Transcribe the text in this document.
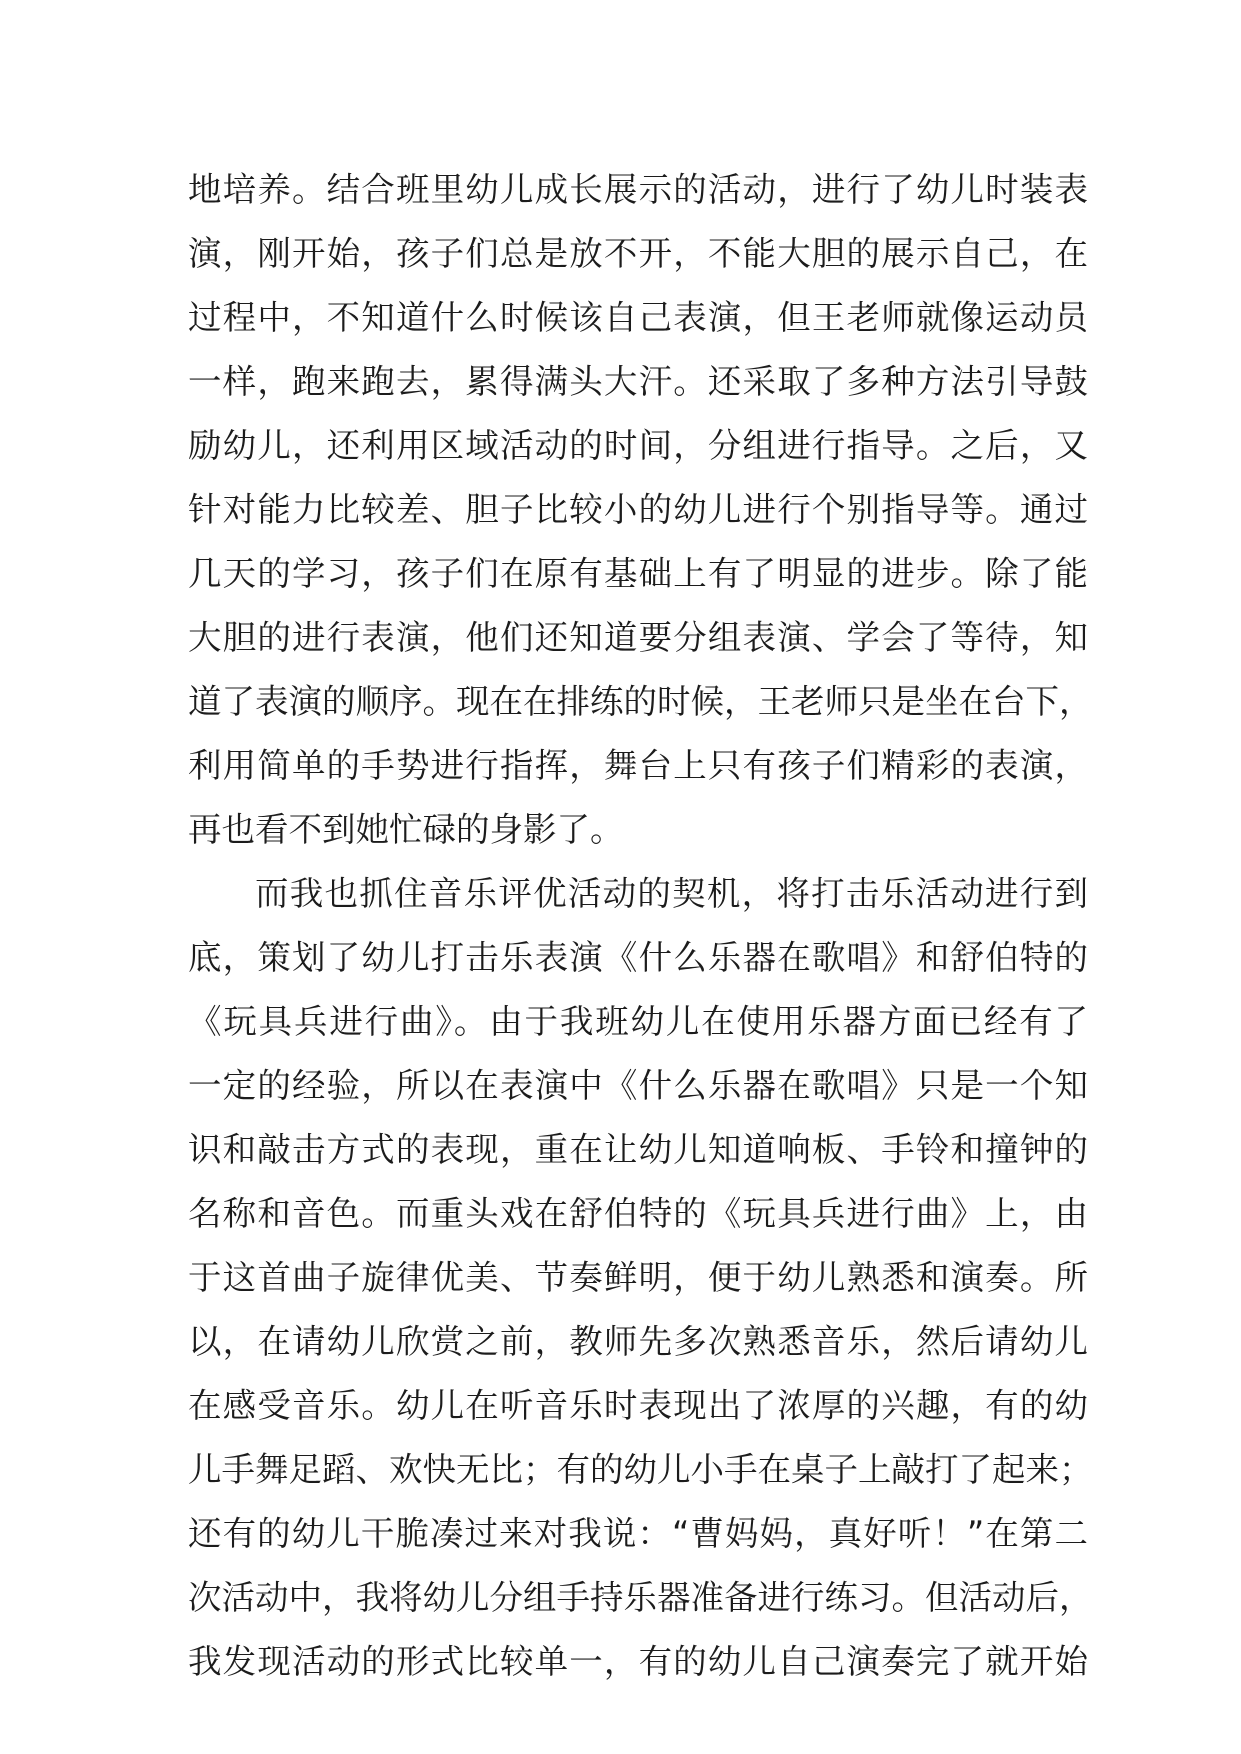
地培养。结合班里幼儿成长展示的活动，进行了幼儿时装表
演，刚开始，孩子们总是放不开，不能大胆的展示自己，在
过程中，不知道什么时候该自己表演，但王老师就像运动员
一样，跑来跑去，累得满头大汗。还采取了多种方法引导鼓
励幼儿，还利用区域活动的时间，分组进行指导。之后，又
针对能力比较差、胆子比较小的幼儿进行个别指导等。通过
几天的学习，孩子们在原有基础上有了明显的进步。除了能
大胆的进行表演，他们还知道要分组表演、学会了等待，知
道了表演的顺序。现在在排练的时候，王老师只是坐在台下，
利用简单的手势进行指挥，舞台上只有孩子们精彩的表演，
再也看不到她忙碌的身影了。
而我也抓住音乐评优活动的契机，将打击乐活动进行到
底，策划了幼儿打击乐表演《什么乐器在歌唱》和舒伯特的
《玩具兵进行曲》。由于我班幼儿在使用乐器方面已经有了
一定的经验，所以在表演中《什么乐器在歌唱》只是一个知
识和敲击方式的表现，重在让幼儿知道响板、手铃和撞钟的
名称和音色。而重头戏在舒伯特的《玩具兵进行曲》上，由
于这首曲子旋律优美、节奏鲜明，便于幼儿熟悉和演奏。所
以，在请幼儿欣赏之前，教师先多次熟悉音乐，然后请幼儿
在感受音乐。幼儿在听音乐时表现出了浓厚的兴趣，有的幼
儿手舞足蹈、欢快无比；有的幼儿小手在桌子上敲打了起来；
还有的幼儿干脆凑过来对我说：“曹妈妈，真好听！”在第二
次活动中，我将幼儿分组手持乐器准备进行练习。但活动后，
我发现活动的形式比较单一，有的幼儿自己演奏完了就开始
